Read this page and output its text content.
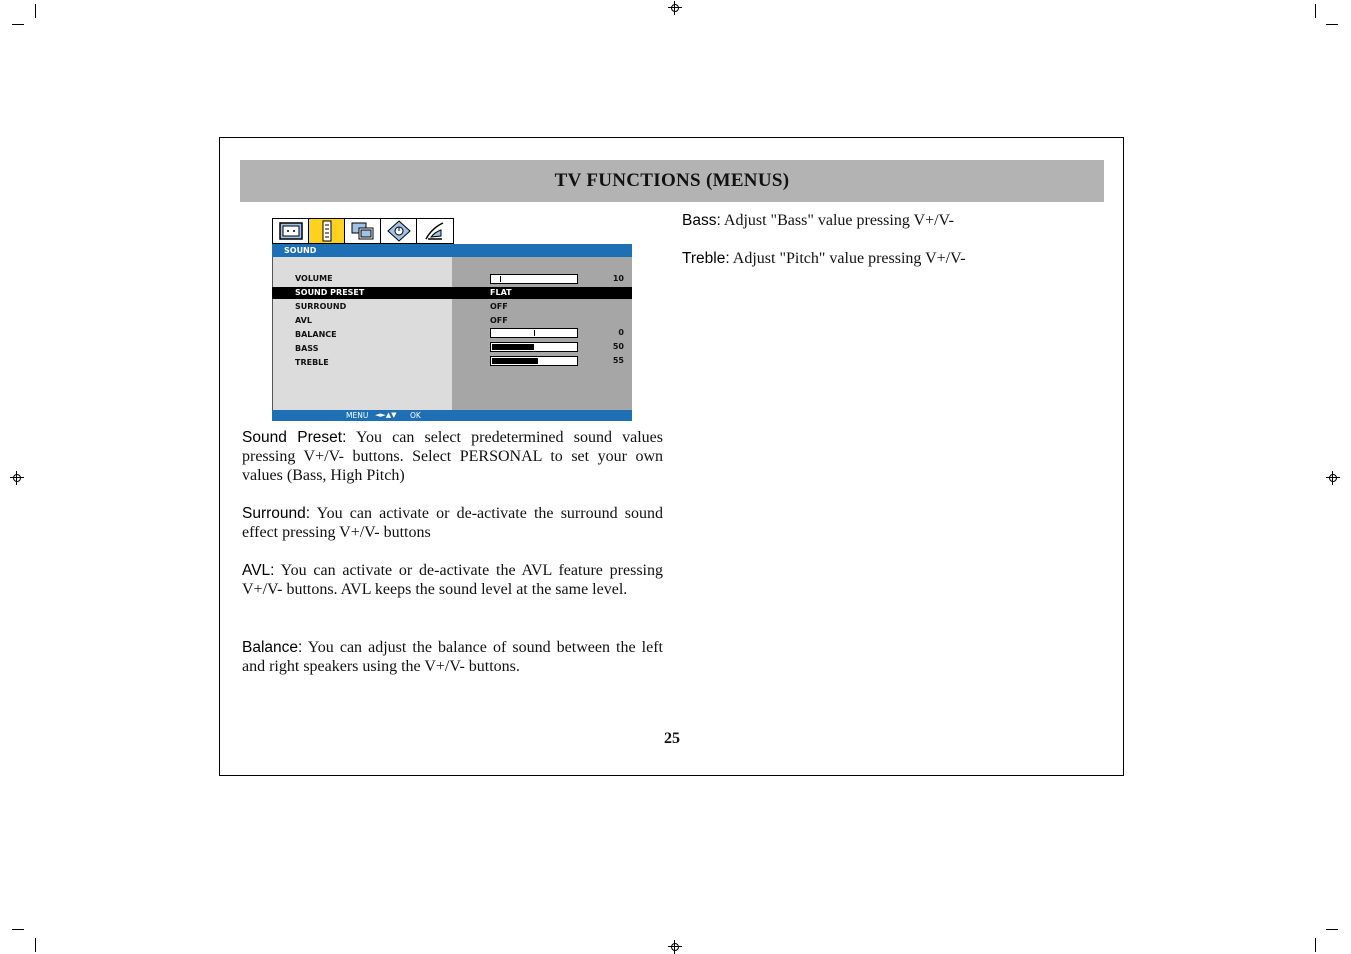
TV FUNCTIONS (MENUS)
SOUND
VOLUME
SOUND PRESET
SURROUND
AVL
BALANCE
BASS
TREBLE
10
FLAT
OFF
OFF
0
50
55
MENU ◄►▲▼ OK

Sound Preset: You can select predetermined sound values pressing V+/V- buttons. Select PERSONAL to set your own values (Bass, High Pitch)

Surround: You can activate or de-activate the surround sound effect pressing V+/V- buttons

AVL: You can activate or de-activate the AVL feature pressing V+/V- buttons. AVL keeps the sound level at the same level.

Balance: You can adjust the balance of sound between the left and right speakers using the V+/V- buttons.

Bass: Adjust "Bass" value pressing V+/V-

Treble: Adjust "Pitch" value pressing V+/V-

25
